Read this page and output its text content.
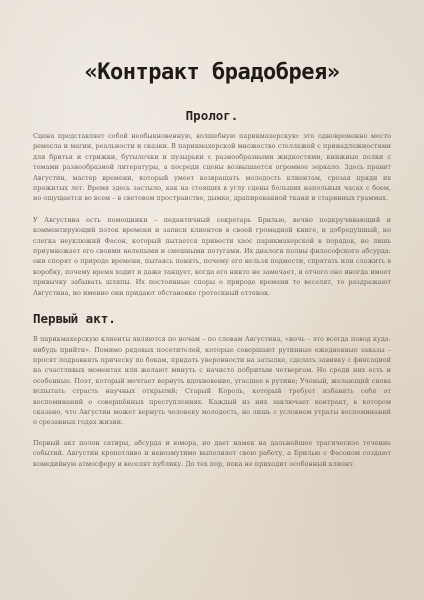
«Контракт брадобрея»
Пролог.

Сцена представляет собой необыкновенную, волшебную парикмахерскую: это одновременно место ремесла и магии, реальности и сказки. В парикмахерской множество стеллажей с принадлежностями для бритья и стрижки, бутылочки и пузырьки с разнообразными жидкостями, книжные полки с томами разнообразной литературы, а посреди сцены возвышается огромное зеркало. Здесь правит Августин, мастер времени, который умеет возвращать молодость клиентам, срезая пряди их прожитых лет. Время здесь застыло, как на стоящих в углу сцены больших напольных часах с боем, но ощущается во всем – в световом пространстве, дымке, драпированной ткани и старинных граммах.

У Августина есть помощники – педантичный секретарь Брилью, вечно подкручивающий и комментирующий поток времени и записи клиентов в своей громадной книге, и добродушный, но слегка неуклюжий Фасон, который пытается привести хаос парикмахерской в порядок, но лишь приумножает его своими нелепыми и смешными потугами. Их диалоги полны философского абсурда: они спорят о природе времени, пытаясь понять, почему его нельзя подмести, спрятать или сложить в коробку, почему время ходит и даже танцует, когда его никто не замечает, и отчего оно иногда имеет привычку забывать шляпы. Их постоянные споры о природе времени то веселят, то раздражают Августина, но именно они придают обстановке гротескный оттенок.

Первый акт.

В парикмахерскую клиенты являются по ночам – по словам Августина, «ночь – это всегда повод куда-нибудь прийти». Помимо рядовых посетителей, которые совершают рутинные ежедневные заказы – просят подравнять прическу по бокам, придать уверенности на затылке, сделать завивку с фиксацией на счастливых моментах или желают минуть с начисто побритым четвергом. Но среди них есть и особенные. Поэт, который мечтает вернуть вдохновение, угасшее в рутине; Ученый, желающий снова испытать страсть научных открытий; Старый Король, который требует избавить себя от воспоминаний о совершённых преступлениях. Каждый из них заключает контракт, в котором сказано, что Августин может вернуть человеку молодость, но лишь с условием утраты воспоминаний о срезанных годах жизни.

Первый акт полон сатиры, абсурда и юмора, но дает намек на дальнейшее трагическое течение событий. Августин кропотливо и невозмутимо выполняет свою работу, а Брилью с Фасоном создают комедийную атмосферу и веселят публику. До тех пор, пока не приходит особенный клиент.
